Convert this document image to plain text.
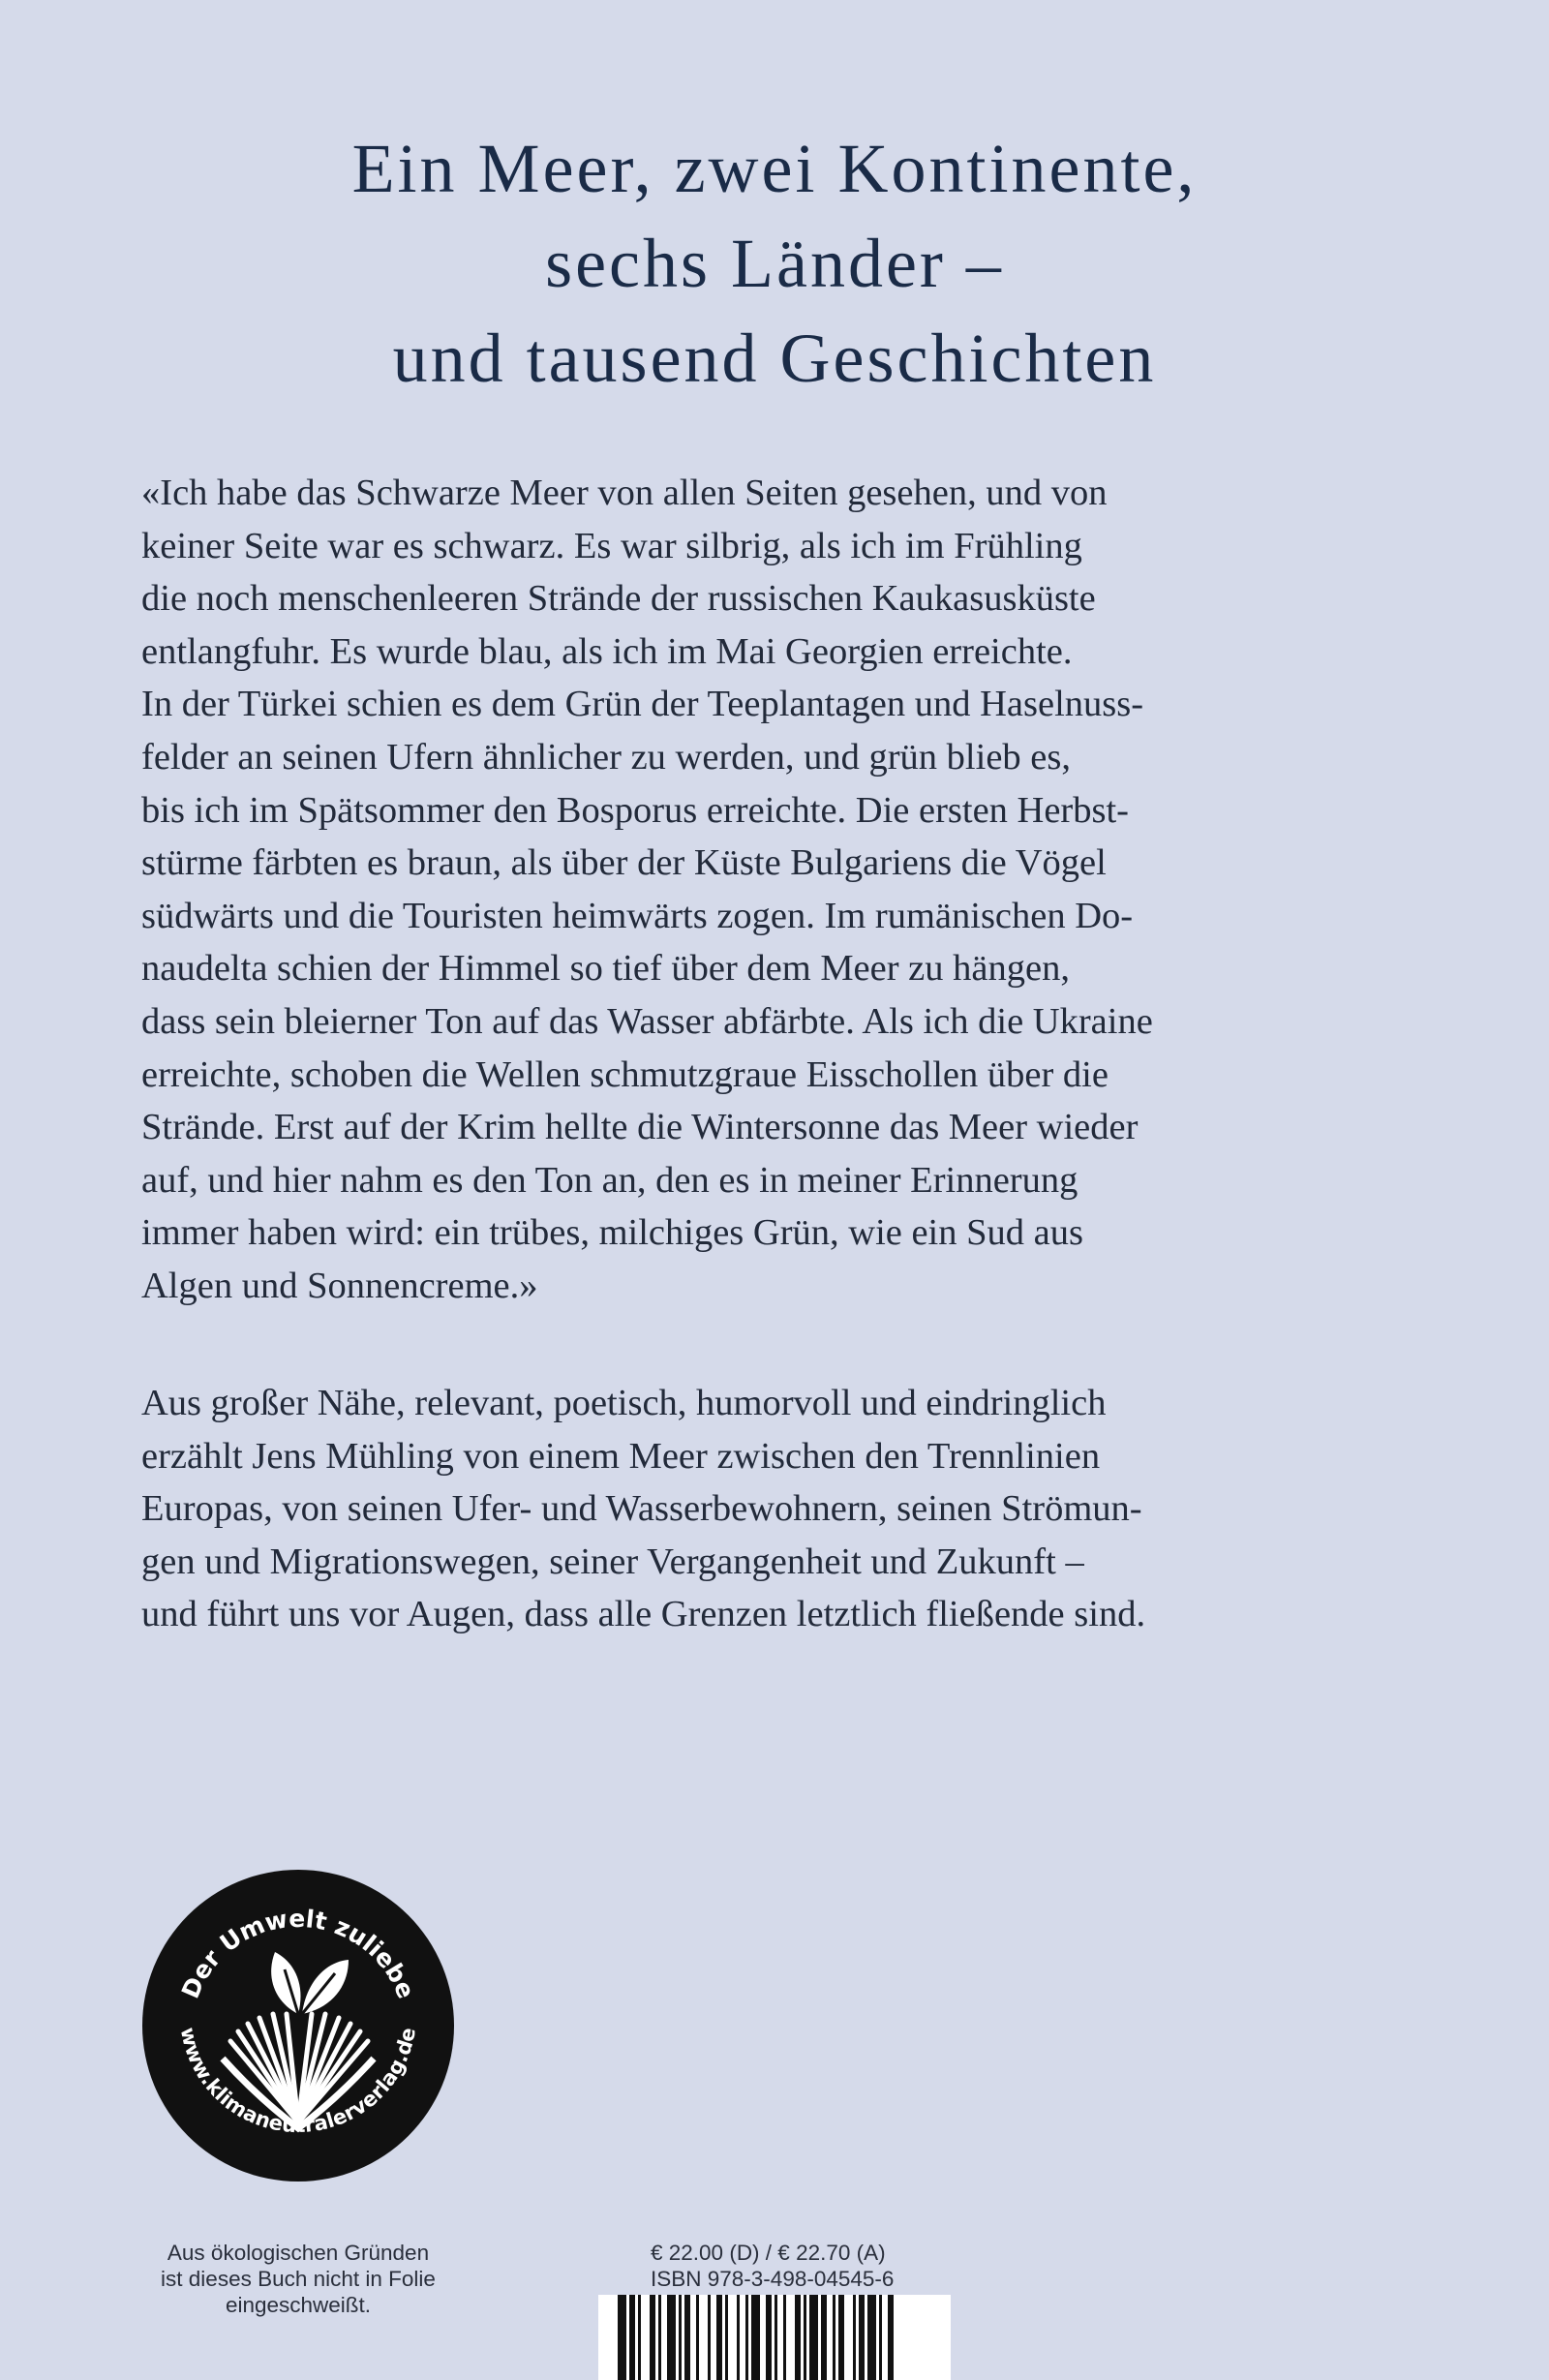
Ein Meer, zwei Kontinente,
sechs Länder –
und tausend Geschichten
«Ich habe das Schwarze Meer von allen Seiten gesehen, und von
keiner Seite war es schwarz. Es war silbrig, als ich im Frühling
die noch menschenleeren Strände der russischen Kaukasusküste
entlangfuhr. Es wurde blau, als ich im Mai Georgien erreichte.
In der Türkei schien es dem Grün der Teeplantagen und Haselnuss-
felder an seinen Ufern ähnlicher zu werden, und grün blieb es,
bis ich im Spätsommer den Bosporus erreichte. Die ersten Herbst-
stürme färbten es braun, als über der Küste Bulgariens die Vögel
südwärts und die Touristen heimwärts zogen. Im rumänischen Do-
naudelta schien der Himmel so tief über dem Meer zu hängen,
dass sein bleierner Ton auf das Wasser abfärbte. Als ich die Ukraine
erreichte, schoben die Wellen schmutzgraue Eisschollen über die
Strände. Erst auf der Krim hellte die Wintersonne das Meer wieder
auf, und hier nahm es den Ton an, den es in meiner Erinnerung
immer haben wird: ein trübes, milchiges Grün, wie ein Sud aus
Algen und Sonnencreme.»
Aus großer Nähe, relevant, poetisch, humorvoll und eindringlich
erzählt Jens Mühling von einem Meer zwischen den Trennlinien
Europas, von seinen Ufer- und Wasserbewohnern, seinen Strömun-
gen und Migrationswegen, seiner Vergangenheit und Zukunft –
und führt uns vor Augen, dass alle Grenzen letztlich fließende sind.
Der Umwelt zuliebe
www.klimaneutralerverlag.de
Aus ökologischen Gründen
ist dieses Buch nicht in Folie
eingeschweißt.
€ 22.00 (D) / € 22.70 (A)
ISBN 978-3-498-04545-6
